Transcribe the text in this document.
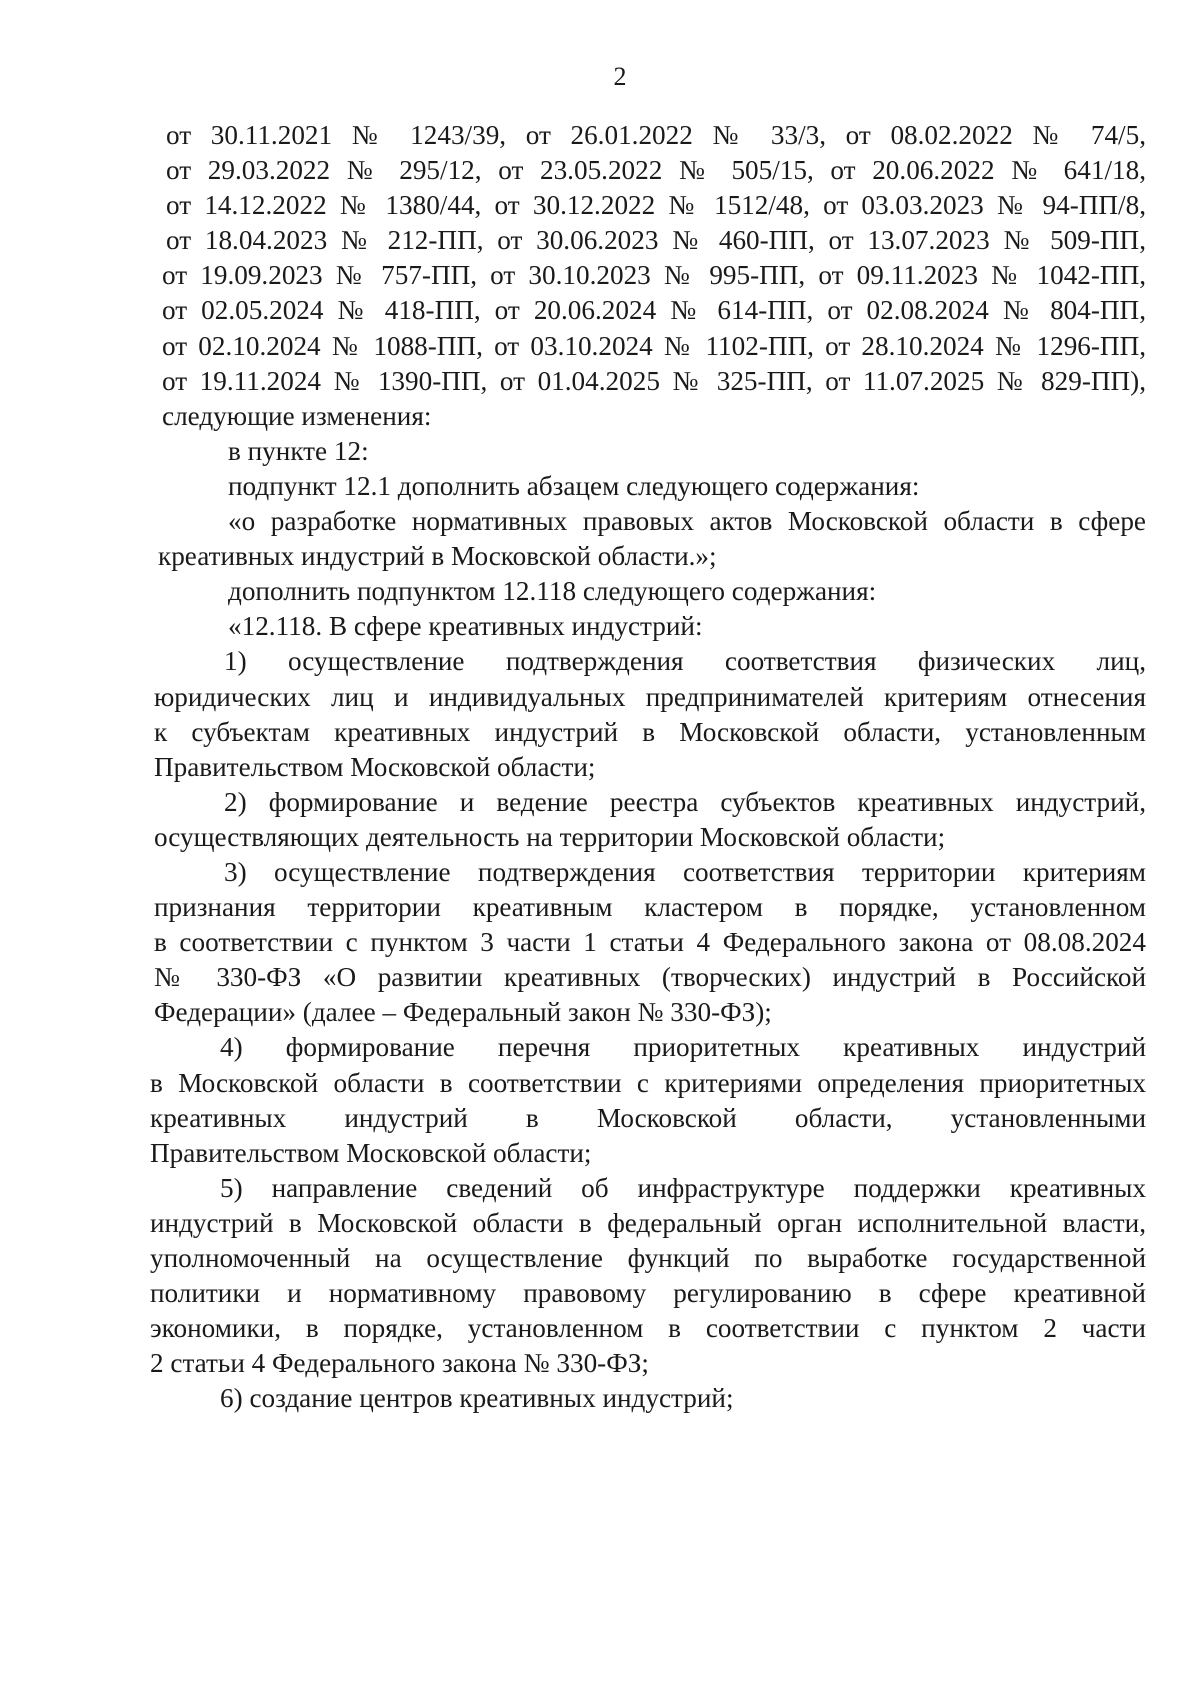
2
от 30.11.2021 № 1243/39, от 26.01.2022 № 33/3, от 08.02.2022 № 74/5,
от 29.03.2022 № 295/12, от 23.05.2022 № 505/15, от 20.06.2022 № 641/18,
от 14.12.2022 № 1380/44, от 30.12.2022 № 1512/48, от 03.03.2023 № 94-ПП/8,
от 18.04.2023 № 212-ПП, от 30.06.2023 № 460-ПП, от 13.07.2023 № 509-ПП,
от 19.09.2023 № 757-ПП, от 30.10.2023 № 995-ПП, от 09.11.2023 № 1042-ПП,
от 02.05.2024 № 418-ПП, от 20.06.2024 № 614-ПП, от 02.08.2024 № 804-ПП,
от 02.10.2024 № 1088-ПП, от 03.10.2024 № 1102-ПП, от 28.10.2024 № 1296-ПП,
от 19.11.2024 № 1390-ПП, от 01.04.2025 № 325-ПП, от 11.07.2025 № 829-ПП),
следующие изменения:
в пункте 12:
подпункт 12.1 дополнить абзацем следующего содержания:
«о разработке нормативных правовых актов Московской области в сфере
креативных индустрий в Московской области.»;
дополнить подпунктом 12.118 следующего содержания:
«12.118. В сфере креативных индустрий:
1) осуществление подтверждения соответствия физических лиц,
юридических лиц и индивидуальных предпринимателей критериям отнесения
к субъектам креативных индустрий в Московской области, установленным
Правительством Московской области;
2) формирование и ведение реестра субъектов креативных индустрий,
осуществляющих деятельность на территории Московской области;
3) осуществление подтверждения соответствия территории критериям
признания территории креативным кластером в порядке, установленном
в соответствии с пунктом 3 части 1 статьи 4 Федерального закона от 08.08.2024
№ 330-ФЗ «О развитии креативных (творческих) индустрий в Российской
Федерации» (далее – Федеральный закон № 330-ФЗ);
4) формирование перечня приоритетных креативных индустрий
в Московской области в соответствии с критериями определения приоритетных
креативных индустрий в Московской области, установленными
Правительством Московской области;
5) направление сведений об инфраструктуре поддержки креативных
индустрий в Московской области в федеральный орган исполнительной власти,
уполномоченный на осуществление функций по выработке государственной
политики и нормативному правовому регулированию в сфере креативной
экономики, в порядке, установленном в соответствии с пунктом 2 части
2 статьи 4 Федерального закона № 330-ФЗ;
6) создание центров креативных индустрий;
